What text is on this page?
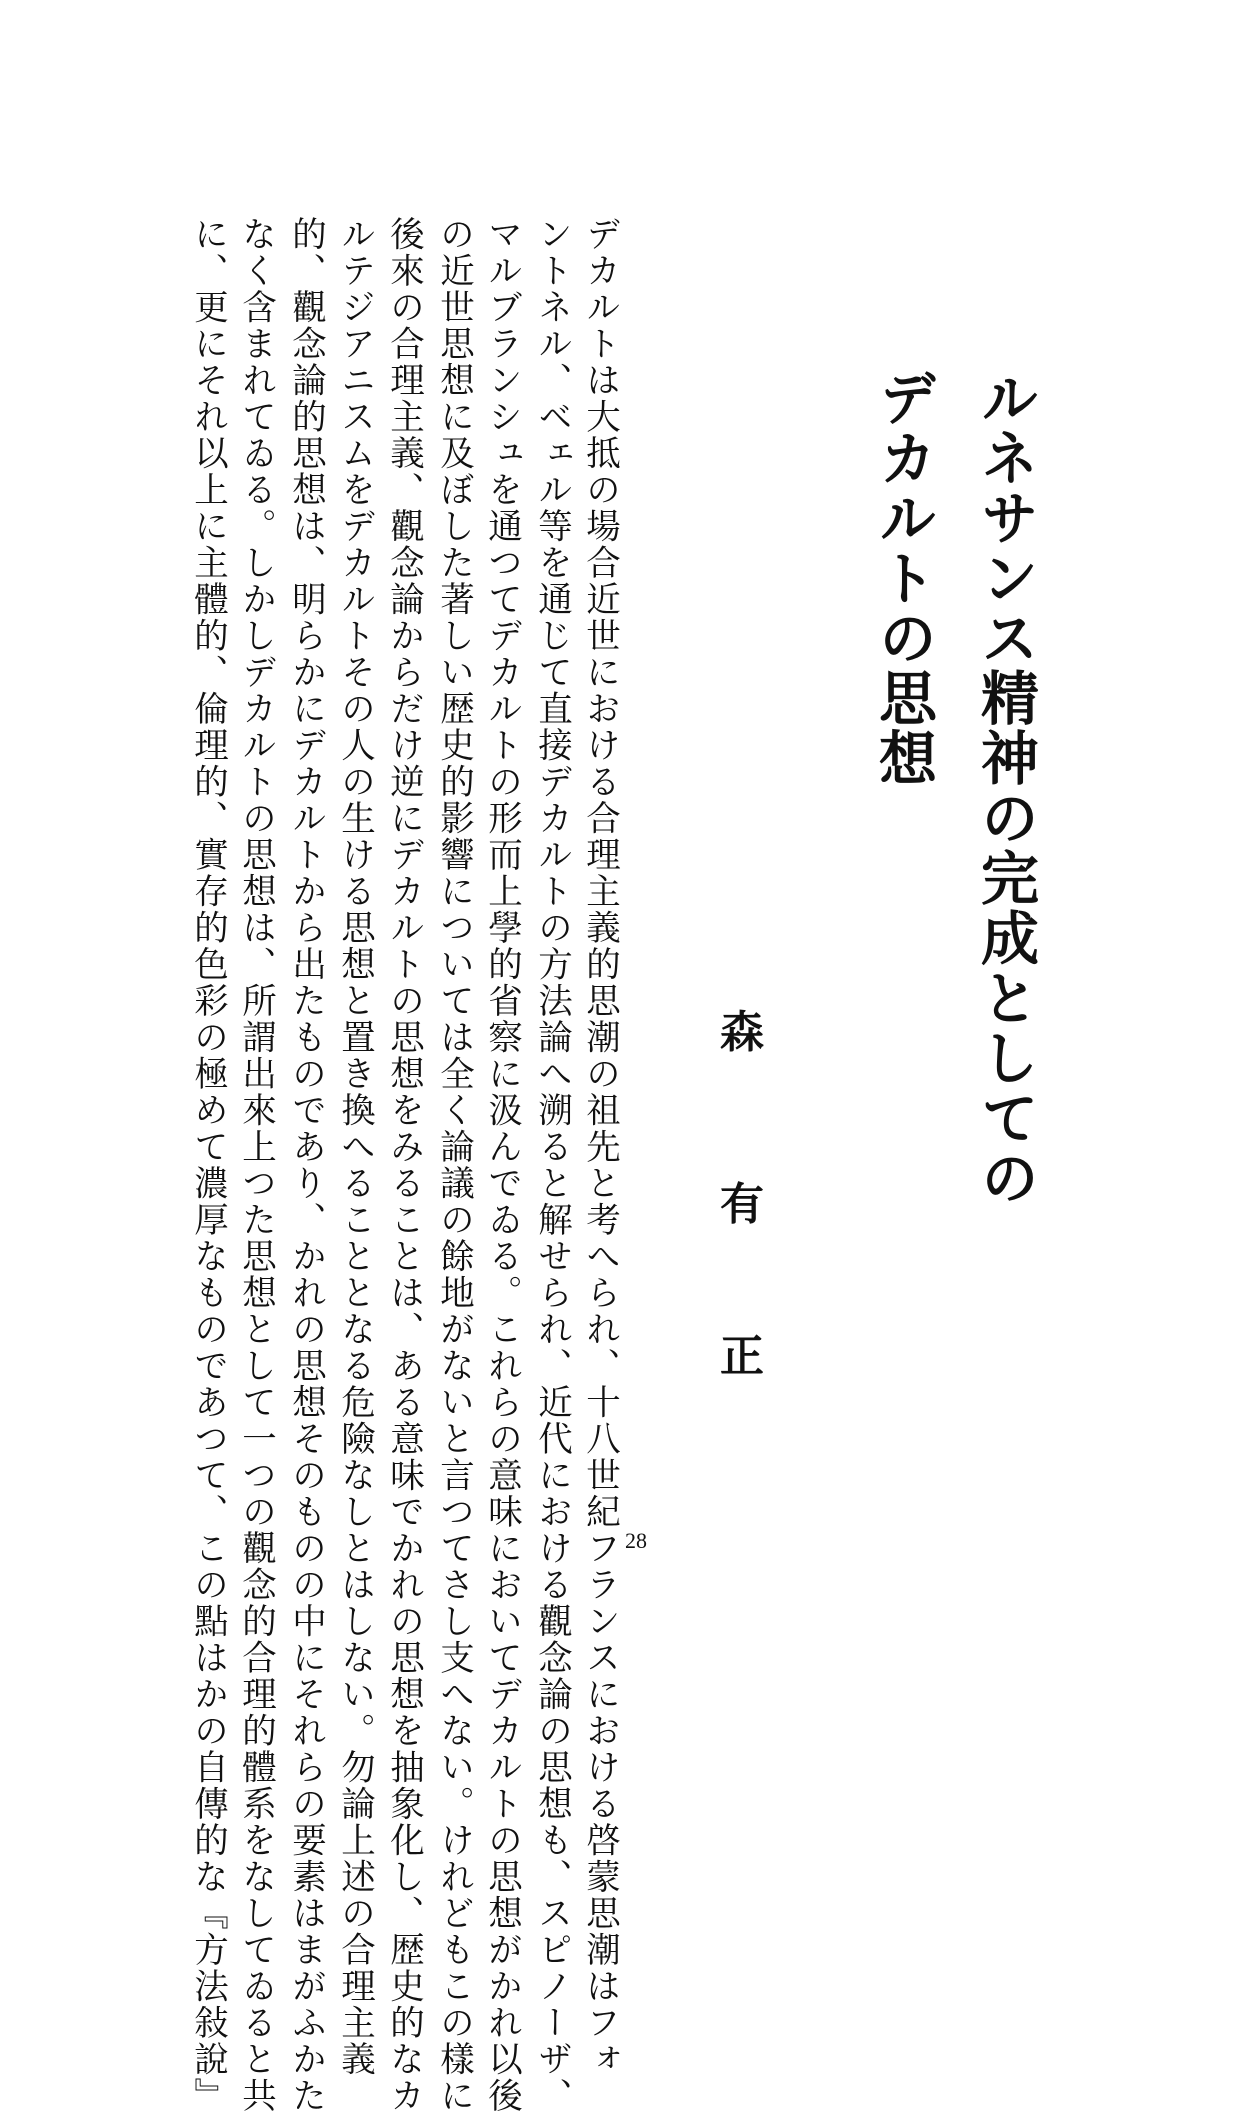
ルネサンス精神の完成としての
デカルトの思想
森
有
正
デカルトは大抵の場合近世における合理主義的思潮の祖先と考へられ、十八世紀フランスにおける啓蒙思潮はフォ
ントネル、ベェル等を通じて直接デカルトの方法論へ溯ると解せられ、近代における觀念論の思想も、スピノーザ、
マルブランシュを通つてデカルトの形而上學的省察に汲んでゐる。これらの意味においてデカルトの思想がかれ以後
の近世思想に及ぼした著しい歴史的影響については全く論議の餘地がないと言つてさし支へない。けれどもこの樣に
後來の合理主義、觀念論からだけ逆にデカルトの思想をみることは、ある意味でかれの思想を抽象化し、歴史的なカ
ルテジアニスムをデカルトその人の生ける思想と置き換へることとなる危險なしとはしない。勿論上述の合理主義
的、觀念論的思想は、明らかにデカルトから出たものであり、かれの思想そのものの中にそれらの要素はまがふかた
なく含まれてゐる。しかしデカルトの思想は、所謂出來上つた思想として一つの觀念的合理的體系をなしてゐると共
に、更にそれ以上に主體的、倫理的、實存的色彩の極めて濃厚なものであつて、この點はかの自傳的な『方法敍說』	28
